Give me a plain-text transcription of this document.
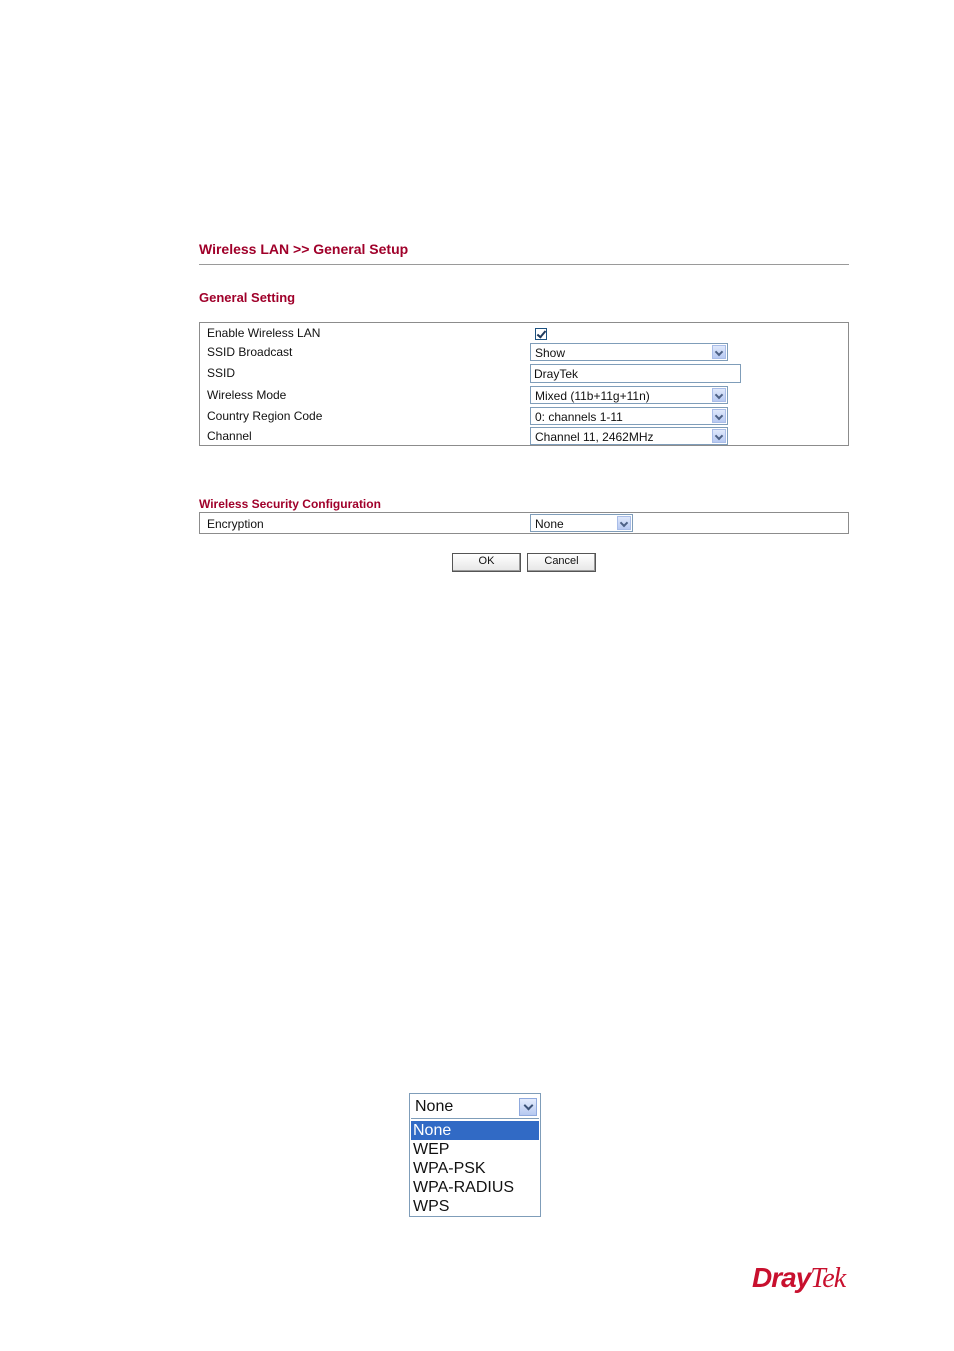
Wireless LAN >> General Setup
General Setting
Enable Wireless LAN
SSID Broadcast	Show
SSID	DrayTek
Wireless Mode	Mixed (11b+11g+11n)
Country Region Code	0: channels 1-11
Channel	Channel 11, 2462MHz
Wireless Security Configuration
Encryption	None
OK	Cancel
None
None
WEP
WPA-PSK
WPA-RADIUS
WPS
DrayTek
